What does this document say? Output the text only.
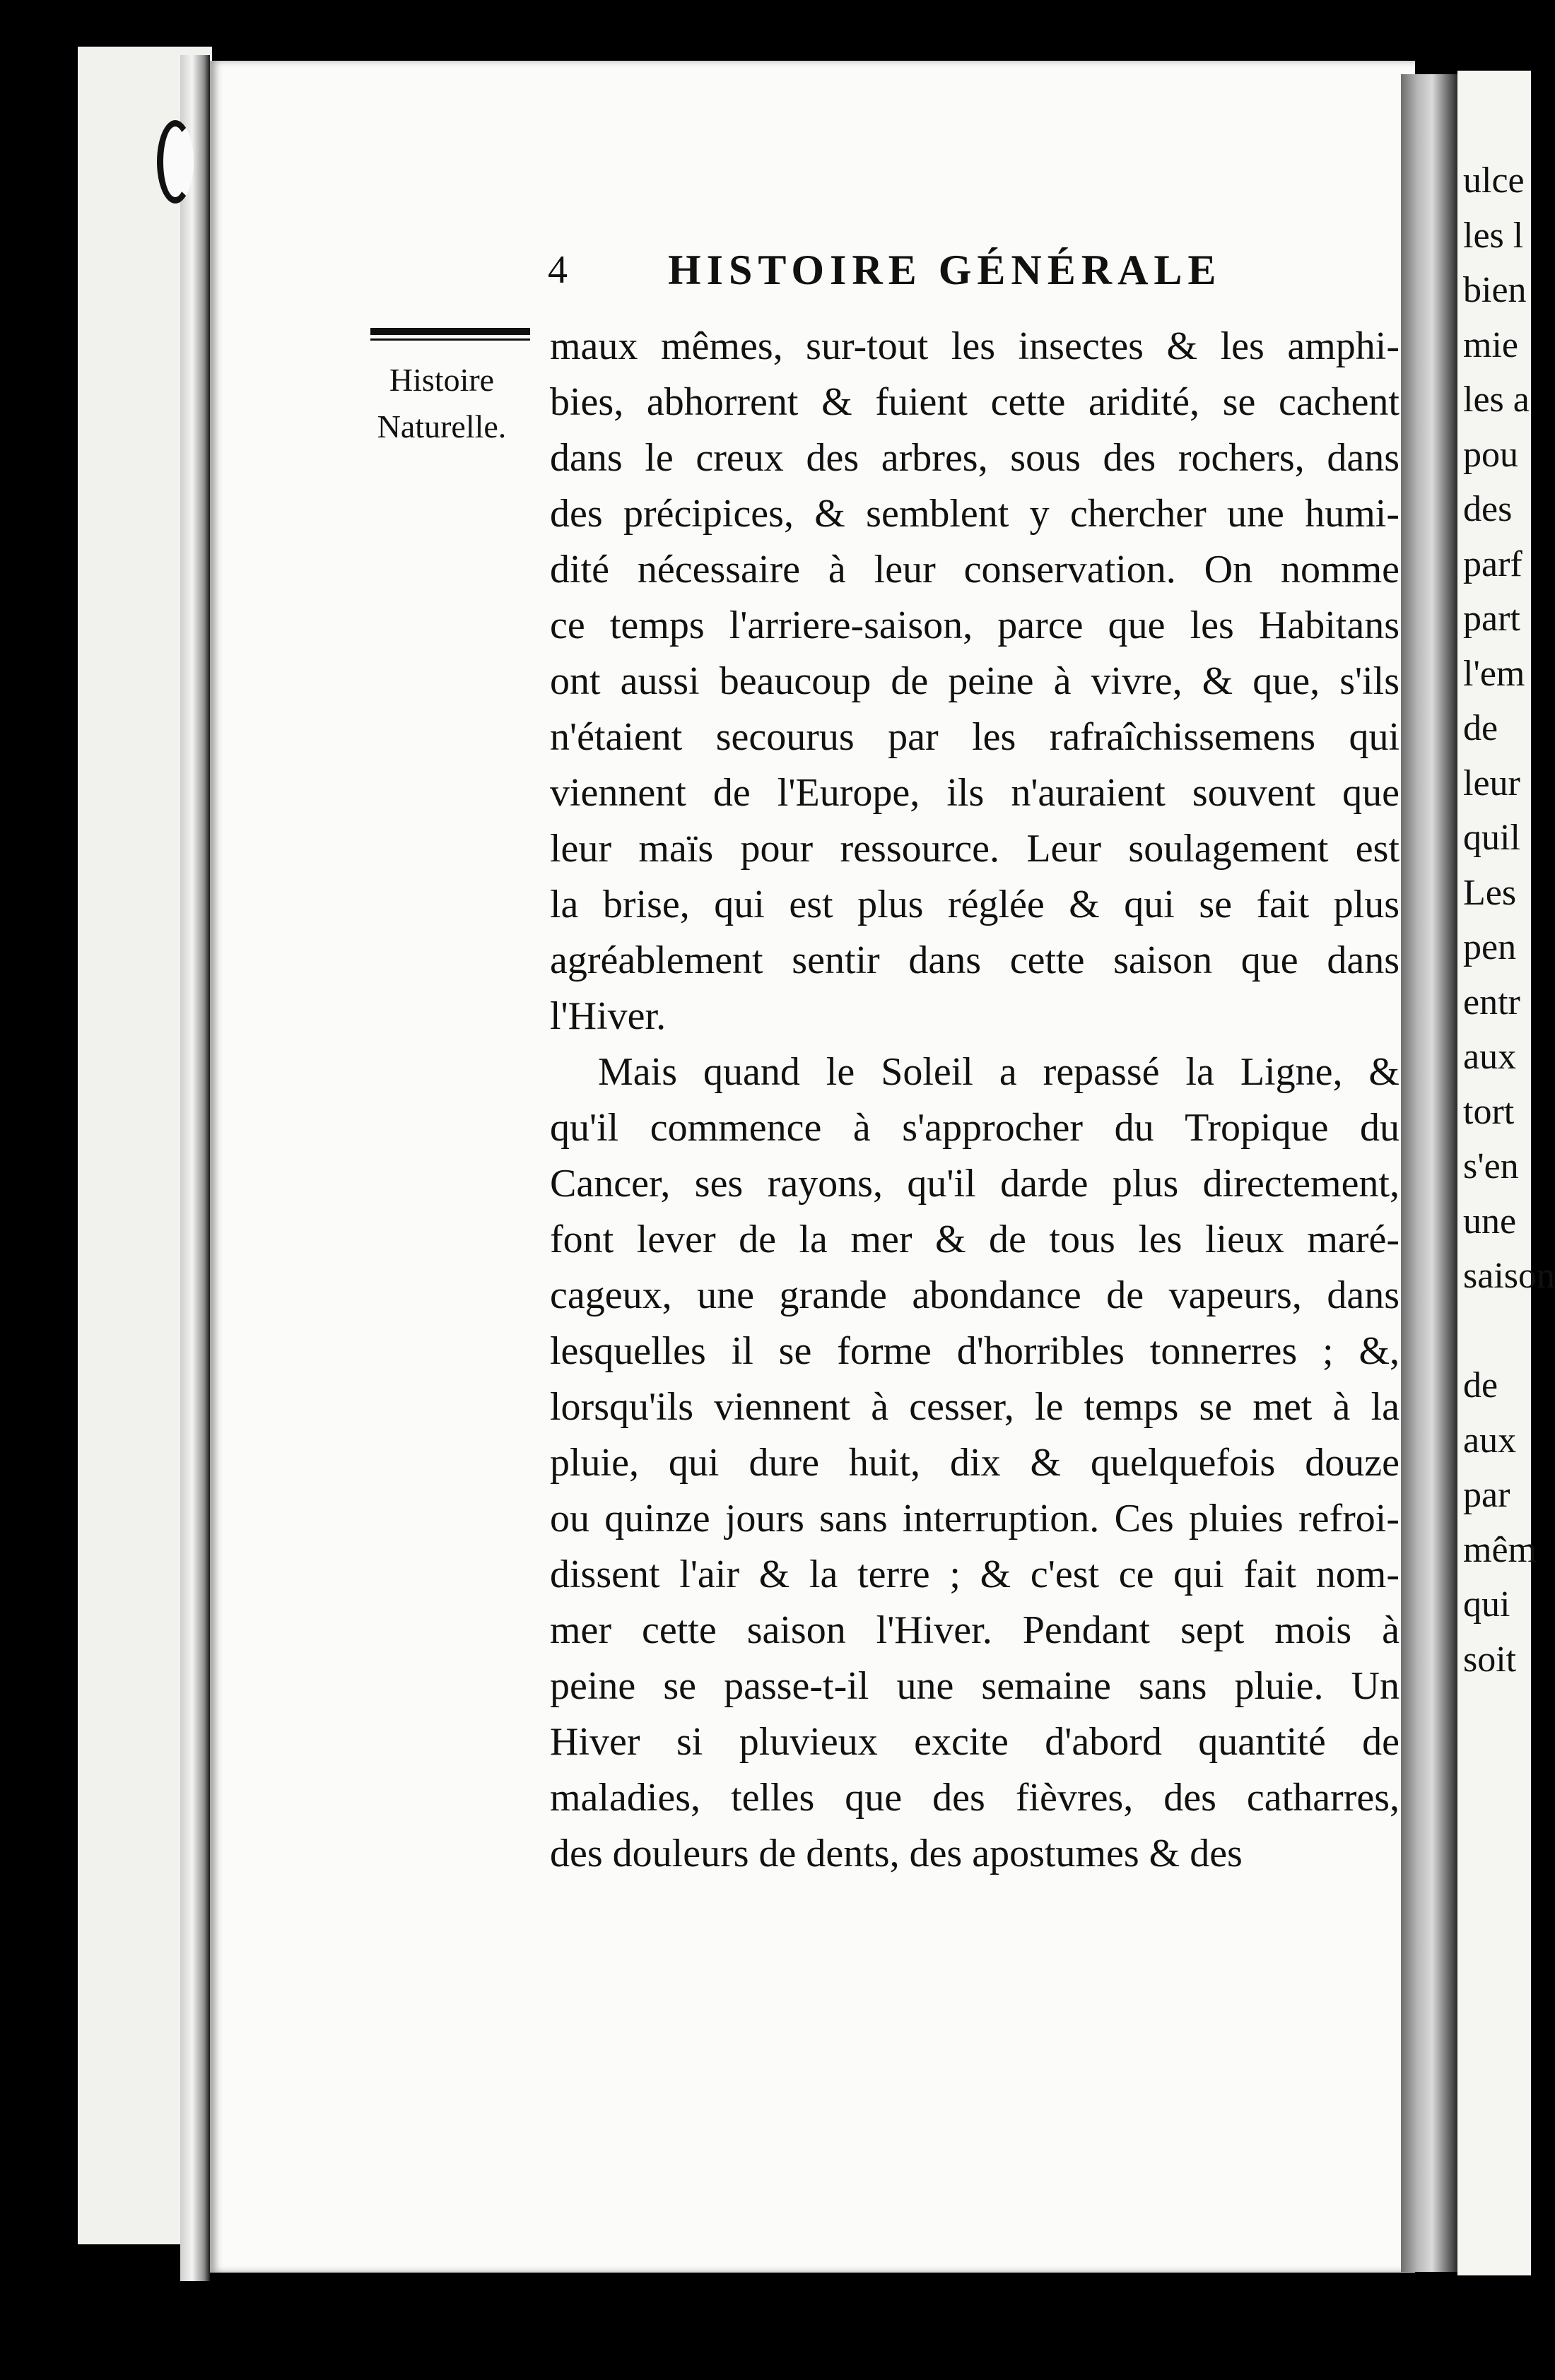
4 HISTOIRE GÉNÉRALE
Histoire
Naturelle.
maux mêmes, sur-tout les insectes & les amphi-
bies, abhorrent & fuient cette aridité, se cachent
dans le creux des arbres, sous des rochers, dans
des précipices, & semblent y chercher une humi-
dité nécessaire à leur conservation. On nomme
ce temps l'arriere-saison, parce que les Habitans
ont aussi beaucoup de peine à vivre, & que, s'ils
n'étaient secourus par les rafraîchissemens qui
viennent de l'Europe, ils n'auraient souvent que
leur maïs pour ressource. Leur soulagement est
la brise, qui est plus réglée & qui se fait plus
agréablement sentir dans cette saison que dans
l'Hiver.
Mais quand le Soleil a repassé la Ligne, &
qu'il commence à s'approcher du Tropique du
Cancer, ses rayons, qu'il darde plus directement,
font lever de la mer & de tous les lieux maré-
cageux, une grande abondance de vapeurs, dans
lesquelles il se forme d'horribles tonnerres ; &,
lorsqu'ils viennent à cesser, le temps se met à la
pluie, qui dure huit, dix & quelquefois douze
ou quinze jours sans interruption. Ces pluies refroi-
dissent l'air & la terre ; & c'est ce qui fait nom-
mer cette saison l'Hiver. Pendant sept mois à
peine se passe-t-il une semaine sans pluie. Un
Hiver si pluvieux excite d'abord quantité de
maladies, telles que des fièvres, des catharres,
des douleurs de dents, des apostumes & des
ulce
les l
bien
mie
les a
pou
des
parf
part
l'em
de
leur
quil
Les
pen
entr
aux
tort
s'en
une
saison
de
aux
par
mêm
qui
soit
